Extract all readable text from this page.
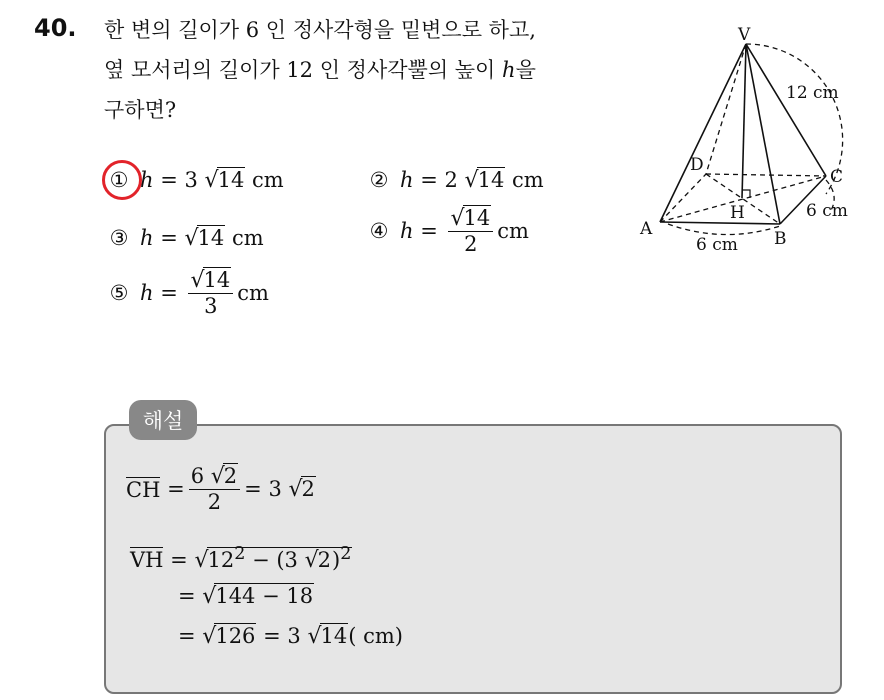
40. 한 변의 길이가 6 인 정사각형을 밑변으로 하고,
옆 모서리의 길이가 12 인 정사각뿔의 높이 h을
구하면?
① h = 3 √14 cm	② h = 2 √14 cm
③ h = √14 cm	④ $h = \frac{√14}{2}$ cm
⑤ $h = \frac{√14}{3}$ cm
V
A	B
C
D
H
12 cm
6 cm
6 cm
해설
CH
= $\frac{6 √2}{2}$ =
3
√2
VH = $√12^2 - (3$ √2)$^2$
= √144 − 18
= √126 = 3 √14( cm)
